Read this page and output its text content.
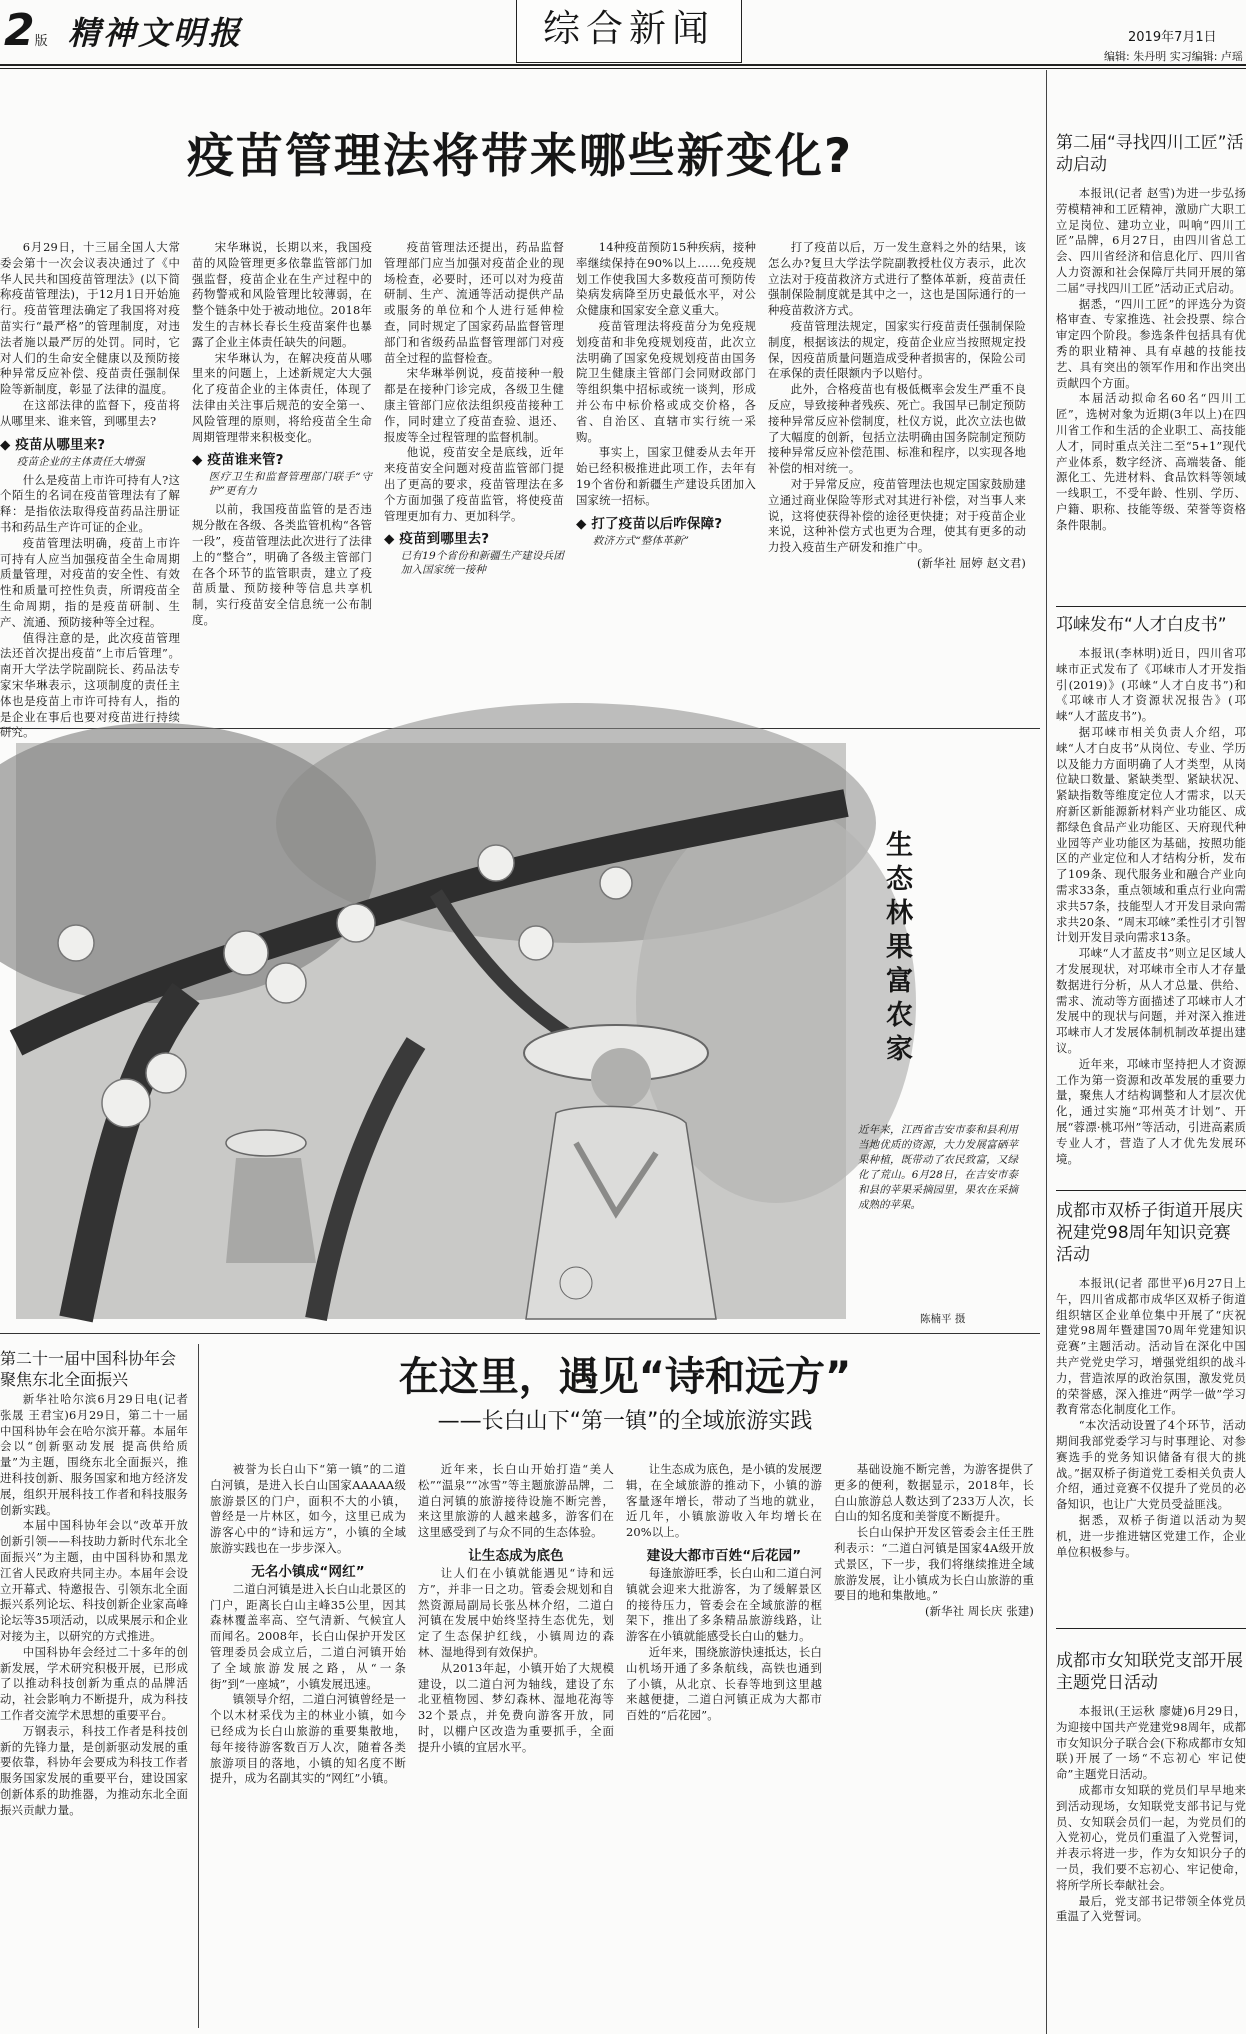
2版 精神文明报	综合新闻	2019年7月1日
编辑: 朱丹明 实习编辑: 卢瑶
疫苗管理法将带来哪些新变化?

6月29日，十三届全国人大常委会第十一次会议表决通过了《中华人民共和国疫苗管理法》(以下简称疫苗管理法)，于12月1日开始施行。疫苗管理法确定了我国将对疫苗实行“最严格”的管理制度，对违法者施以最严厉的处罚。同时，它对人们的生命安全健康以及预防接种异常反应补偿、疫苗责任强制保险等新制度，彰显了法律的温度。

在这部法律的监督下，疫苗将从哪里来、谁来管，到哪里去?

◆ 疫苗从哪里来?
疫苗企业的主体责任大增强

什么是疫苗上市许可持有人?这个陌生的名词在疫苗管理法有了解释：是指依法取得疫苗药品注册证书和药品生产许可证的企业。

疫苗管理法明确，疫苗上市许可持有人应当加强疫苗全生命周期质量管理，对疫苗的安全性、有效性和质量可控性负责，所谓疫苗全生命周期，指的是疫苗研制、生产、流通、预防接种等全过程。

值得注意的是，此次疫苗管理法还首次提出疫苗“上市后管理”。南开大学法学院副院长、药品法专家宋华琳表示，这项制度的责任主体也是疫苗上市许可持有人，指的是企业在事后也要对疫苗进行持续研究。

宋华琳说，长期以来，我国疫苗的风险管理更多依靠监管部门加强监督，疫苗企业在生产过程中的药物警戒和风险管理比较薄弱，在整个链条中处于被动地位。2018年发生的吉林长春长生疫苗案件也暴露了企业主体责任缺失的问题。

宋华琳认为，在解决疫苗从哪里来的问题上，上述新规定大大强化了疫苗企业的主体责任，体现了法律由关注事后规范的安全第一、风险管理的原则，将给疫苗全生命周期管理带来积极变化。

◆ 疫苗谁来管?
医疗卫生和监督管理部门联手“守护”更有力

以前，我国疫苗监管的是否违规分散在各级、各类监管机构“各管一段”，疫苗管理法此次进行了法律上的“整合”，明确了各级主管部门在各个环节的监管职责，建立了疫苗质量、预防接种等信息共享机制，实行疫苗安全信息统一公布制度。

疫苗管理法还提出，药品监督管理部门应当加强对疫苗企业的现场检查，必要时，还可以对为疫苗研制、生产、流通等活动提供产品或服务的单位和个人进行延伸检查，同时规定了国家药品监督管理部门和省级药品监督管理部门对疫苗全过程的监督检查。

宋华琳举例说，疫苗接种一般都是在接种门诊完成，各级卫生健康主管部门应依法组织疫苗接种工作，同时建立了疫苗查验、退还、报废等全过程管理的监督机制。

他说，疫苗安全是底线，近年来疫苗安全问题对疫苗监管部门提出了更高的要求，疫苗管理法在多个方面加强了疫苗监管，将使疫苗管理更加有力、更加科学。

◆ 疫苗到哪里去?
已有19个省份和新疆生产建设兵团加入国家统一接种

14种疫苗预防15种疾病，接种率继续保持在90%以上……免疫规划工作使我国大多数疫苗可预防传染病发病降至历史最低水平，对公众健康和国家安全意义重大。

疫苗管理法将疫苗分为免疫规划疫苗和非免疫规划疫苗，此次立法明确了国家免疫规划疫苗由国务院卫生健康主管部门会同财政部门等组织集中招标或统一谈判，形成并公布中标价格或成交价格，各省、自治区、直辖市实行统一采购。

事实上，国家卫健委从去年开始已经积极推进此项工作，去年有19个省份和新疆生产建设兵团加入国家统一招标。

◆ 打了疫苗以后咋保障?
救济方式“整体革新”

打了疫苗以后，万一发生意料之外的结果，该怎么办?复旦大学法学院副教授杜仪方表示，此次立法对于疫苗救济方式进行了整体革新，疫苗责任强制保险制度就是其中之一，这也是国际通行的一种疫苗救济方式。

疫苗管理法规定，国家实行疫苗责任强制保险制度，根据该法的规定，疫苗企业应当按照规定投保，因疫苗质量问题造成受种者损害的，保险公司在承保的责任限额内予以赔付。

此外，合格疫苗也有极低概率会发生严重不良反应，导致接种者残疾、死亡。我国早已制定预防接种异常反应补偿制度，杜仪方说，此次立法也做了大幅度的创新，包括立法明确由国务院制定预防接种异常反应补偿范围、标准和程序，以实现各地补偿的相对统一。

对于异常反应，疫苗管理法也规定国家鼓励建立通过商业保险等形式对其进行补偿，对当事人来说，这将使获得补偿的途径更快捷；对于疫苗企业来说，这种补偿方式也更为合理，使其有更多的动力投入疫苗生产研发和推广中。

(新华社 屈婷 赵文君)
生态林果富农家
近年来，江西省吉安市泰和县利用当地优质的资源，大力发展富硒苹果种植，既带动了农民致富，又绿化了荒山。6月28日，在吉安市泰和县的苹果采摘园里，果农在采摘成熟的苹果。
陈楠平 摄
第二十一届中国科协年会聚焦东北全面振兴

新华社哈尔滨6月29日电(记者 张晟 王君宝)6月29日，第二十一届中国科协年会在哈尔滨开幕。本届年会以“创新驱动发展 提高供给质量”为主题，围绕东北全面振兴，推进科技创新、服务国家和地方经济发展，组织开展科技工作者和科技服务创新实践。

本届中国科协年会以“改革开放 创新引领——科技助力新时代东北全面振兴”为主题，由中国科协和黑龙江省人民政府共同主办。本届年会设立开幕式、特邀报告、引领东北全面振兴系列论坛、科技创新企业家高峰论坛等35项活动，以成果展示和企业对接为主，以研究的方式推进。

中国科协年会经过二十多年的创新发展，学术研究积极开展，已形成了以推动科技创新为重点的品牌活动，社会影响力不断提升，成为科技工作者交流学术思想的重要平台。

万钢表示，科技工作者是科技创新的先锋力量，是创新驱动发展的重要依靠，科协年会要成为科技工作者服务国家发展的重要平台，建设国家创新体系的助推器，为推动东北全面振兴贡献力量。

在这里，遇见“诗和远方”
——长白山下“第一镇”的全域旅游实践

被誉为长白山下“第一镇”的二道白河镇，是进入长白山国家AAAAA级旅游景区的门户，面积不大的小镇，曾经是一片林区，如今，这里已成为游客心中的“诗和远方”，小镇的全域旅游实践也在一步步深入。

无名小镇成“网红”

二道白河镇是进入长白山北景区的门户，距离长白山主峰35公里，因其森林覆盖率高、空气清新、气候宜人而闻名。2008年，长白山保护开发区管理委员会成立后，二道白河镇开始了全域旅游发展之路，从“一条街”到“一座城”，小镇发展迅速。

镇领导介绍，二道白河镇曾经是一个以木材采伐为主的林业小镇，如今已经成为长白山旅游的重要集散地，每年接待游客数百万人次，随着各类旅游项目的落地，小镇的知名度不断提升，成为名副其实的“网红”小镇。

近年来，长白山开始打造“美人松”“温泉”“冰雪”等主题旅游品牌，二道白河镇的旅游接待设施不断完善，来这里旅游的人越来越多，游客们在这里感受到了与众不同的生态体验。

让生态成为底色

让人们在小镇就能遇见“诗和远方”，并非一日之功。管委会规划和自然资源局副局长张丛林介绍，二道白河镇在发展中始终坚持生态优先，划定了生态保护红线，小镇周边的森林、湿地得到有效保护。

从2013年起，小镇开始了大规模建设，以二道白河为轴线，建设了东北亚植物园、梦幻森林、湿地花海等32个景点，并免费向游客开放，同时，以棚户区改造为重要抓手，全面提升小镇的宜居水平。

让生态成为底色，是小镇的发展逻辑，在全域旅游的推动下，小镇的游客量逐年增长，带动了当地的就业，近几年，小镇旅游收入年均增长在20%以上。

建设大都市百姓“后花园”

每逢旅游旺季，长白山和二道白河镇就会迎来大批游客，为了缓解景区的接待压力，管委会在全域旅游的框架下，推出了多条精品旅游线路，让游客在小镇就能感受长白山的魅力。

近年来，围绕旅游快速抵达，长白山机场开通了多条航线，高铁也通到了小镇，从北京、长春等地到这里越来越便捷，二道白河镇正成为大都市百姓的“后花园”。

基础设施不断完善，为游客提供了更多的便利，数据显示，2018年，长白山旅游总人数达到了233万人次，长白山的知名度和美誉度不断提升。

长白山保护开发区管委会主任王胜利表示：“二道白河镇是国家4A级开放式景区，下一步，我们将继续推进全域旅游发展，让小镇成为长白山旅游的重要目的地和集散地。”

(新华社 周长庆 张建)
第二届“寻找四川工匠”活动启动

本报讯(记者 赵雪)为进一步弘扬劳模精神和工匠精神，激励广大职工立足岗位、建功立业，叫响“四川工匠”品牌，6月27日，由四川省总工会、四川省经济和信息化厅、四川省人力资源和社会保障厅共同开展的第二届“寻找四川工匠”活动正式启动。

据悉，“四川工匠”的评选分为资格审查、专家推选、社会投票、综合审定四个阶段。参选条件包括具有优秀的职业精神、具有卓越的技能技艺、具有突出的领军作用和作出突出贡献四个方面。

本届活动拟命名60名“四川工匠”，选树对象为近期(3年以上)在四川省工作和生活的企业职工、高技能人才，同时重点关注二至“5+1”现代产业体系，数字经济、高端装备、能源化工、先进材料、食品饮料等领域一线职工，不受年龄、性别、学历、户籍、职称、技能等级、荣誉等资格条件限制。

邛崃发布“人才白皮书”

本报讯(李林明)近日，四川省邛崃市正式发布了《邛崃市人才开发指引(2019)》(邛崃“人才白皮书”)和《邛崃市人才资源状况报告》(邛崃“人才蓝皮书”)。

据邛崃市相关负责人介绍，邛崃“人才白皮书”从岗位、专业、学历以及能力方面明确了人才类型，从岗位缺口数量、紧缺类型、紧缺状况、紧缺指数等维度定位人才需求，以天府新区新能源新材料产业功能区、成都绿色食品产业功能区、天府现代种业园等产业功能区为基础，按照功能区的产业定位和人才结构分析，发布了109条、现代服务业和融合产业向需求33条，重点领域和重点行业向需求共57条，技能型人才开发目录向需求共20条、“周末邛崃”柔性引才引智计划开发目录向需求13条。

邛崃“人才蓝皮书”则立足区域人才发展现状，对邛崃市全市人才存量数据进行分析，从人才总量、供给、需求、流动等方面描述了邛崃市人才发展中的现状与问题，并对深入推进邛崃市人才发展体制机制改革提出建议。

近年来，邛崃市坚持把人才资源工作为第一资源和改革发展的重要力量，聚焦人才结构调整和人才层次优化，通过实施“邛州英才计划”、开展“蓉漂·桃邛州”等活动，引进高素质专业人才，营造了人才优先发展环境。

成都市双桥子街道开展庆祝建党98周年知识竞赛活动

本报讯(记者 邵世平)6月27日上午，四川省成都市成华区双桥子街道组织辖区企业单位集中开展了“庆祝建党98周年暨建国70周年党建知识竞赛”主题活动。活动旨在深化中国共产党党史学习，增强党组织的战斗力，营造浓厚的政治氛围，激发党员的荣誉感，深入推进“两学一做”学习教育常态化制度化工作。

“本次活动设置了4个环节，活动期间我部党委学习与时事理论、对参赛选手的党务知识储备有很大的挑战。”据双桥子街道党工委相关负责人介绍，通过竞赛不仅提升了党员的必备知识，也让广大党员受益匪浅。

据悉，双桥子街道以活动为契机，进一步推进辖区党建工作，企业单位积极参与。

成都市女知联党支部开展主题党日活动

本报讯(王运秋 廖婕)6月29日，为迎接中国共产党建党98周年，成都市女知识分子联合会(下称成都市女知联)开展了一场“不忘初心 牢记使命”主题党日活动。

成都市女知联的党员们早早地来到活动现场，女知联党支部书记与党员、女知联会员们一起，为党员们的入党初心，党员们重温了入党誓词，并表示将进一步，作为女知识分子的一员，我们要不忘初心、牢记使命，将所学所长奉献社会。

最后，党支部书记带领全体党员重温了入党誓词。
